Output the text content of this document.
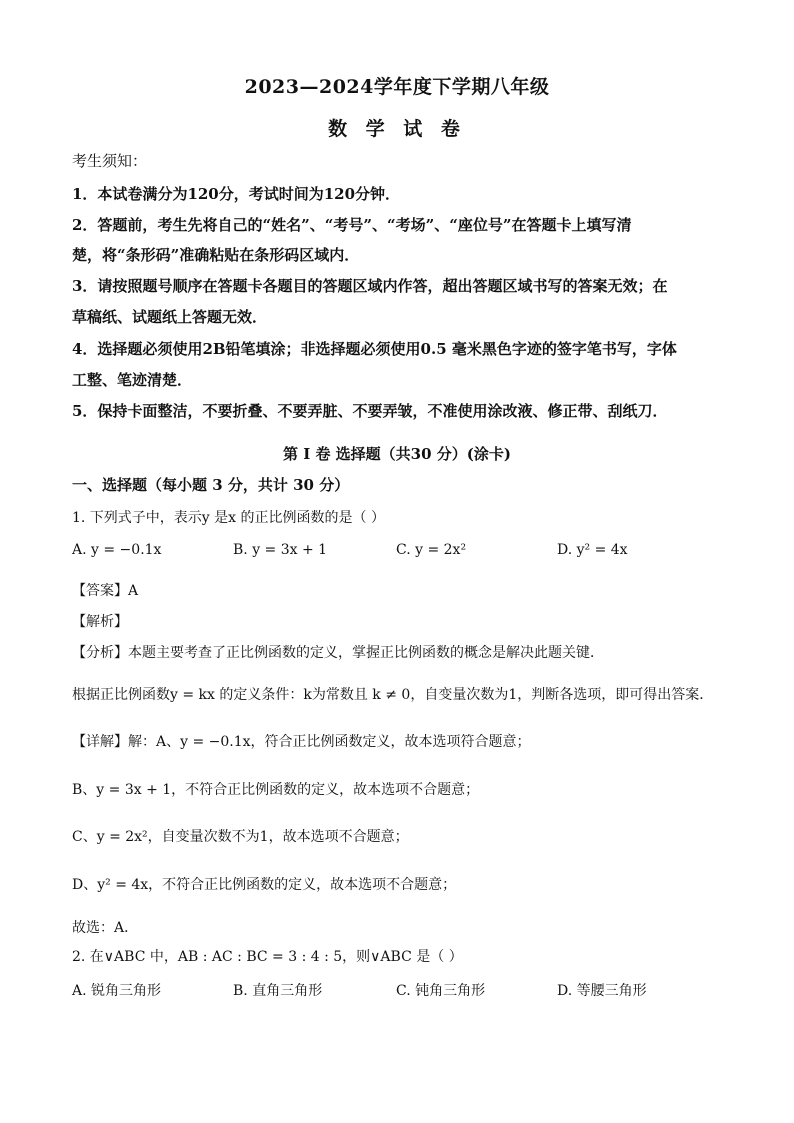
2023—2024学年度下学期八年级
数 学 试 卷
考生须知：
1．本试卷满分为120分，考试时间为120分钟．
2．答题前，考生先将自己的“姓名”、“考号”、“考场”、“座位号”在答题卡上填写清
楚，将“条形码”准确粘贴在条形码区域内．
3．请按照题号顺序在答题卡各题目的答题区域内作答，超出答题区域书写的答案无效；在
草稿纸、试题纸上答题无效．
4．选择题必须使用2B铅笔填涂；非选择题必须使用0.5 毫米黑色字迹的签字笔书写，字体
工整、笔迹清楚．
5．保持卡面整洁，不要折叠、不要弄脏、不要弄皱，不准使用涂改液、修正带、刮纸刀．
第 I 卷 选择题（共30 分）(涂卡)
一、选择题（每小题 3 分，共计 30 分）
1. 下列式子中，表示y 是x 的正比例函数的是（ ）
A. y = −0.1x	B. y = 3x + 1	C. y = 2x²	D. y² = 4x
【答案】A
【解析】
【分析】本题主要考查了正比例函数的定义，掌握正比例函数的概念是解决此题关键．
根据正比例函数y = kx 的定义条件：k为常数且 k ≠ 0，自变量次数为1，判断各选项，即可得出答案．
【详解】解：A、y = −0.1x，符合正比例函数定义，故本选项符合题意；
B、y = 3x + 1，不符合正比例函数的定义，故本选项不合题意；
C、y = 2x²，自变量次数不为1，故本选项不合题意；
D、y² = 4x，不符合正比例函数的定义，故本选项不合题意；
故选：A．
2. 在∨ABC 中，AB : AC : BC = 3 : 4 : 5，则∨ABC 是（ ）
A. 锐角三角形	B. 直角三角形	C. 钝角三角形	D. 等腰三角形
